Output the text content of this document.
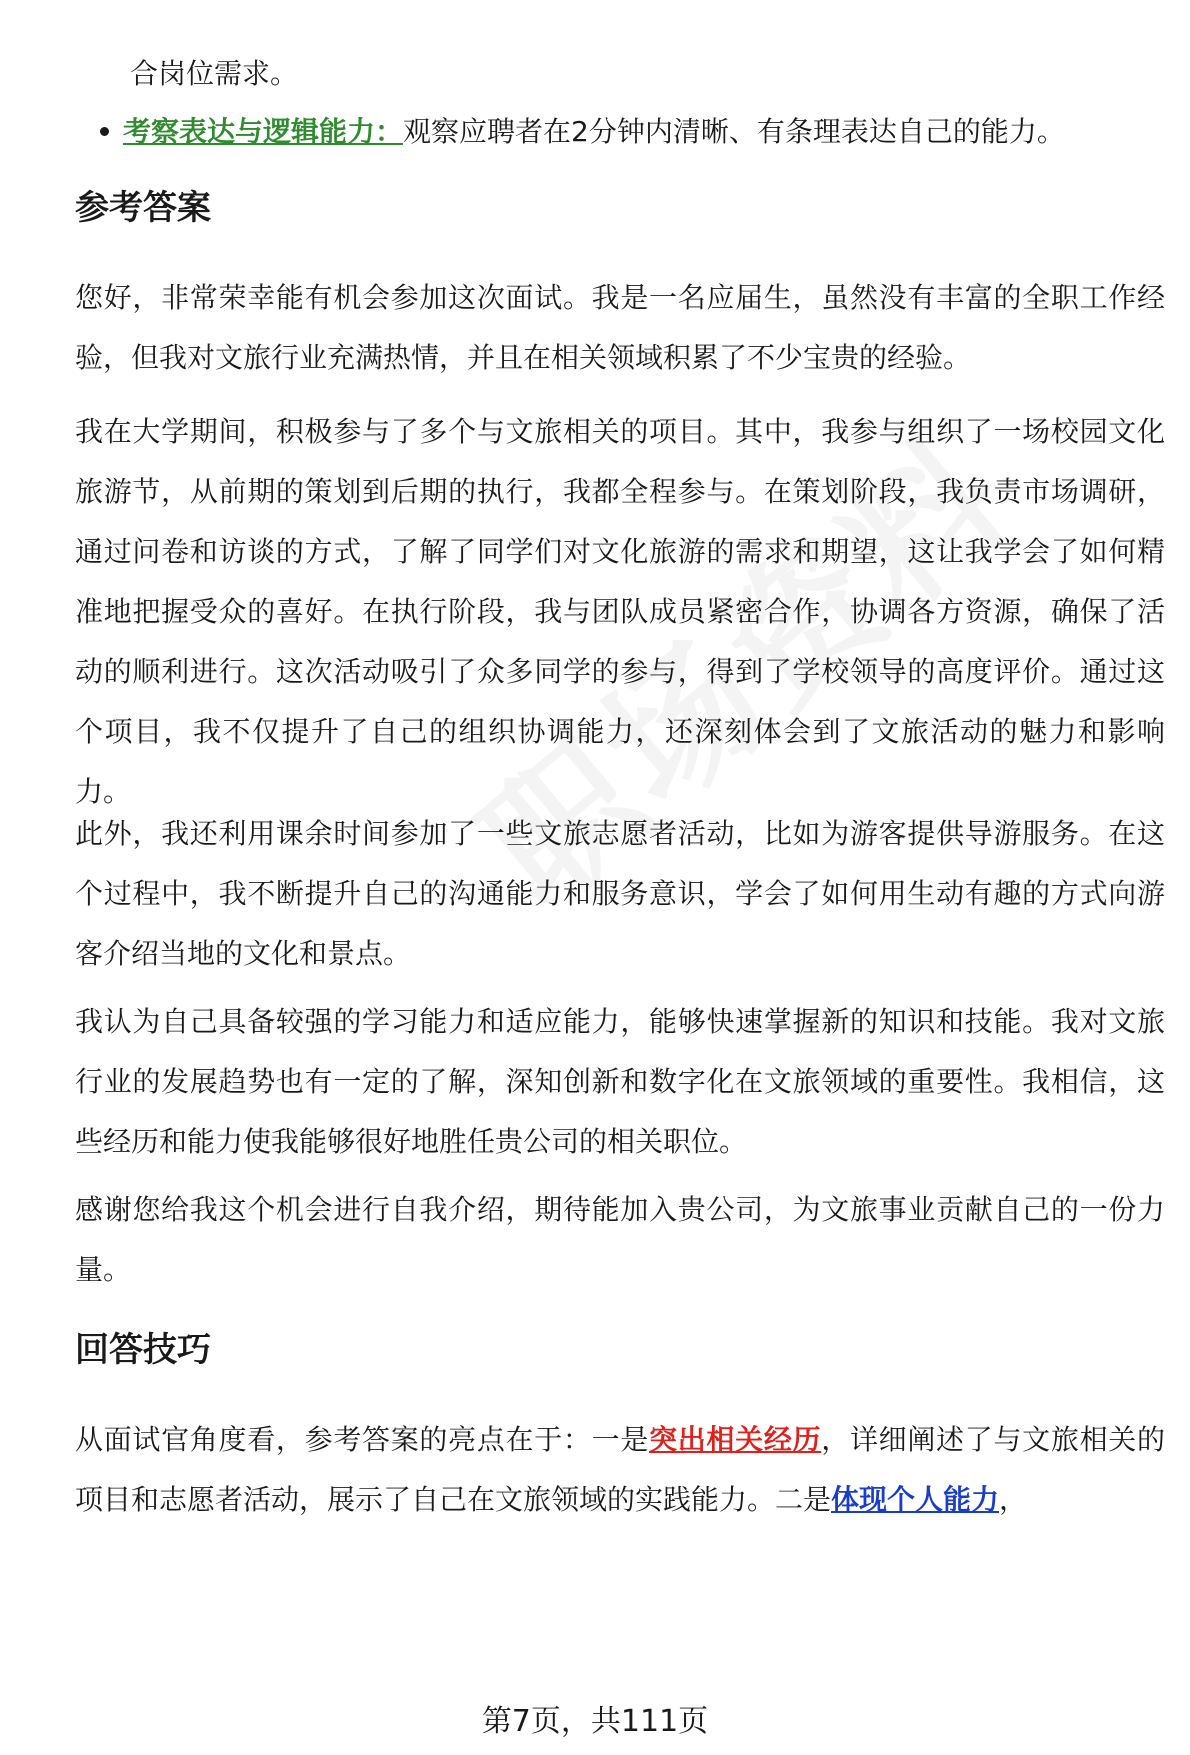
合岗位需求。

考察表达与逻辑能力：观察应聘者在2分钟内清晰、有条理表达自己的能力。

参考答案

您好，非常荣幸能有机会参加这次面试。我是一名应届生，虽然没有丰富的全职工作经验，但我对文旅行业充满热情，并且在相关领域积累了不少宝贵的经验。

我在大学期间，积极参与了多个与文旅相关的项目。其中，我参与组织了一场校园文化旅游节，从前期的策划到后期的执行，我都全程参与。在策划阶段，我负责市场调研，通过问卷和访谈的方式，了解了同学们对文化旅游的需求和期望，这让我学会了如何精准地把握受众的喜好。在执行阶段，我与团队成员紧密合作，协调各方资源，确保了活动的顺利进行。这次活动吸引了众多同学的参与，得到了学校领导的高度评价。通过这个项目，我不仅提升了自己的组织协调能力，还深刻体会到了文旅活动的魅力和影响力。

此外，我还利用课余时间参加了一些文旅志愿者活动，比如为游客提供导游服务。在这个过程中，我不断提升自己的沟通能力和服务意识，学会了如何用生动有趣的方式向游客介绍当地的文化和景点。

我认为自己具备较强的学习能力和适应能力，能够快速掌握新的知识和技能。我对文旅行业的发展趋势也有一定的了解，深知创新和数字化在文旅领域的重要性。我相信，这些经历和能力使我能够很好地胜任贵公司的相关职位。

感谢您给我这个机会进行自我介绍，期待能加入贵公司，为文旅事业贡献自己的一份力量。

回答技巧

从面试官角度看，参考答案的亮点在于：一是突出相关经历，详细阐述了与文旅相关的项目和志愿者活动，展示了自己在文旅领域的实践能力。二是体现个人能力，

第7页，共111页
